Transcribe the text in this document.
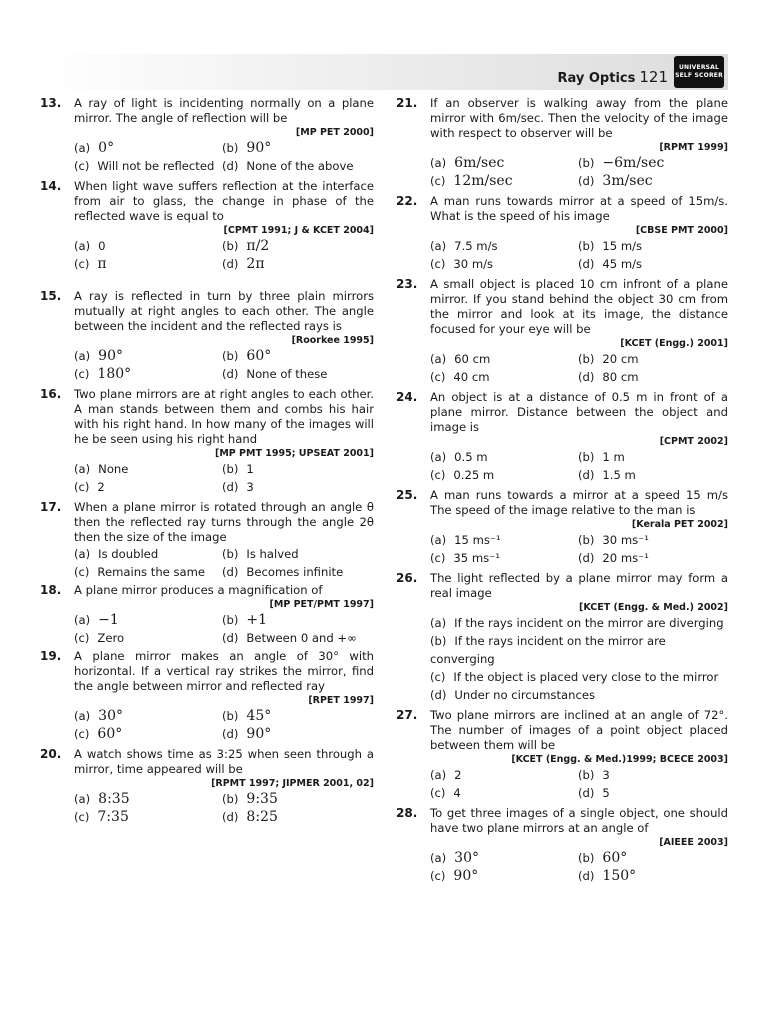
Ray Optics 121
UNIVERSAL
SELF SCORER
13. A ray of light is incidenting normally on a plane mirror. The angle of reflection will be
[MP PET 2000]
(a) 0°	(b) 90°
(c) Will not be reflected (d) None of the above
14. When light wave suffers reflection at the interface from air to glass, the change in phase of the reflected wave is equal to
[CPMT 1991; J & KCET 2004]
(a) 0	(b) π/2
(c) π	(d) 2π
15. A ray is reflected in turn by three plain mirrors mutually at right angles to each other. The angle between the incident and the reflected rays is
[Roorkee 1995]
(a) 90°	(b) 60°
(c) 180°	(d) None of these
16. Two plane mirrors are at right angles to each other. A man stands between them and combs his hair with his right hand. In how many of the images will he be seen using his right hand
[MP PMT 1995; UPSEAT 2001]
(a) None	(b) 1
(c) 2	(d) 3
17. When a plane mirror is rotated through an angle θ then the reflected ray turns through the angle 2θ then the size of the image
(a) Is doubled	(b) Is halved
(c) Remains the same	(d) Becomes infinite
18. A plane mirror produces a magnification of
[MP PET/PMT 1997]
(a) −1	(b) +1
(c) Zero	(d) Between 0 and +∞
19. A plane mirror makes an angle of 30° with horizontal. If a vertical ray strikes the mirror, find the angle between mirror and reflected ray
[RPET 1997]
(a) 30°	(b) 45°
(c) 60°	(d) 90°
20. A watch shows time as 3:25 when seen through a mirror, time appeared will be
[RPMT 1997; JIPMER 2001, 02]
(a) 8:35	(b) 9:35
(c) 7:35	(d) 8:25
21. If an observer is walking away from the plane mirror with 6m/sec. Then the velocity of the image with respect to observer will be
[RPMT 1999]
(a) 6m/sec	(b) −6m/sec
(c) 12m/sec	(d) 3m/sec
22. A man runs towards mirror at a speed of 15m/s. What is the speed of his image
[CBSE PMT 2000]
(a) 7.5 m/s	(b) 15 m/s
(c) 30 m/s	(d) 45 m/s
23. A small object is placed 10 cm infront of a plane mirror. If you stand behind the object 30 cm from the mirror and look at its image, the distance focused for your eye will be
[KCET (Engg.) 2001]
(a) 60 cm	(b) 20 cm
(c) 40 cm	(d) 80 cm
24. An object is at a distance of 0.5 m in front of a plane mirror. Distance between the object and image is
[CPMT 2002]
(a) 0.5 m	(b) 1 m
(c) 0.25 m	(d) 1.5 m
25. A man runs towards a mirror at a speed 15 m/s The speed of the image relative to the man is
[Kerala PET 2002]
(a) 15 ms⁻¹	(b) 30 ms⁻¹
(c) 35 ms⁻¹	(d) 20 ms⁻¹
26. The light reflected by a plane mirror may form a real image
[KCET (Engg. & Med.) 2002]
(a) If the rays incident on the mirror are diverging
(b) If the rays incident on the mirror are converging
(c) If the object is placed very close to the mirror
(d) Under no circumstances
27. Two plane mirrors are inclined at an angle of 72°. The number of images of a point object placed between them will be
[KCET (Engg. & Med.)1999; BCECE 2003]
(a) 2	(b) 3
(c) 4	(d) 5
28. To get three images of a single object, one should have two plane mirrors at an angle of
[AIEEE 2003]
(a) 30°	(b) 60°
(c) 90°	(d) 150°
